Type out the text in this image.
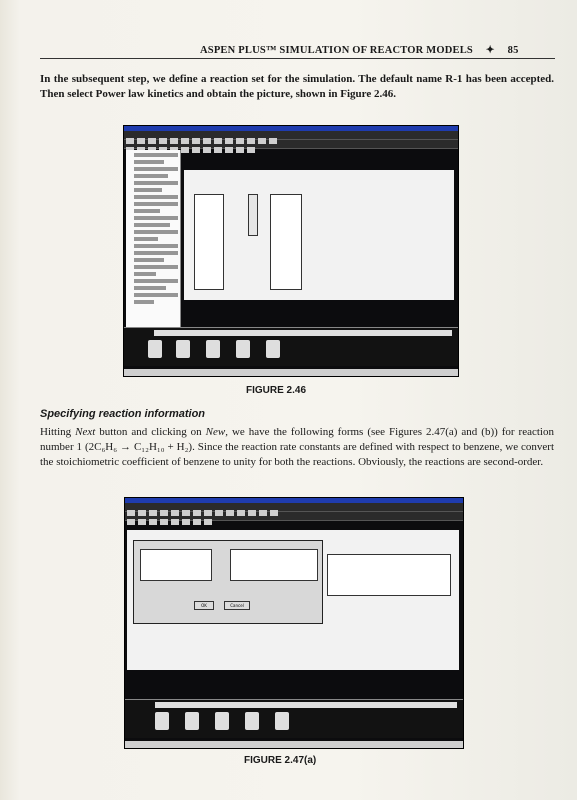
ASPEN PLUS™ SIMULATION OF REACTOR MODELS ✦ 85
In the subsequent step, we define a reaction set for the simulation. The default name R-1 has been accepted. Then select Power law kinetics and obtain the picture, shown in Figure 2.46.
FIGURE 2.46
Specifying reaction information
Hitting Next button and clicking on New, we have the following forms (see Figures 2.47(a) and (b)) for reaction number 1 (2C₆H₆ → C₁₂H₁₀ + H₂). Since the reaction rate constants are defined with respect to benzene, we convert the stoichiometric coefficient of benzene to unity for both the reactions. Obviously, the reactions are second-order.
OK	Cancel
FIGURE 2.47(a)
